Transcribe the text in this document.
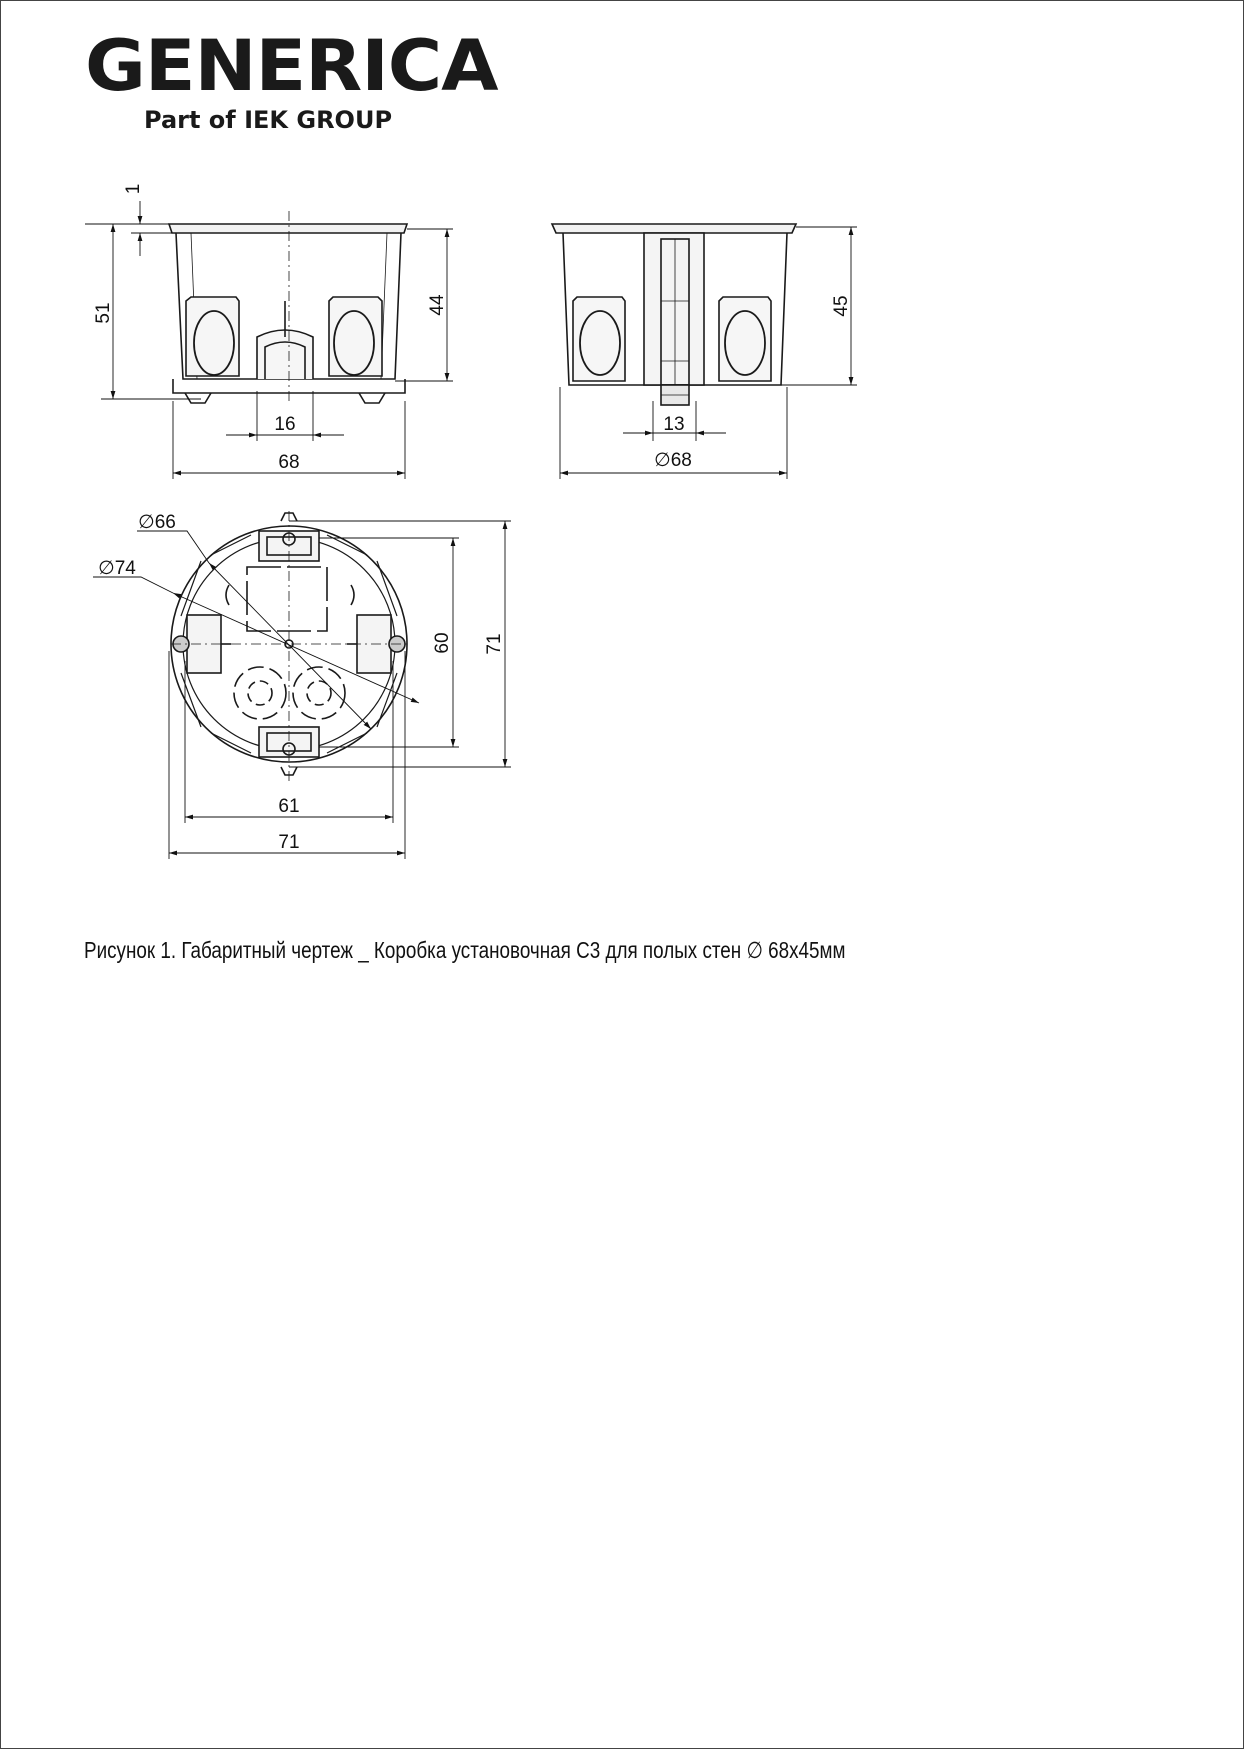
GENERICA
Part of IEK GROUP
1
51	44
16
68
45
13
∅68
∅66
∅74
60 71
61
71
Рисунок 1. Габаритный чертеж _ Коробка установочная С3 для полых стен ∅ 68х45мм
